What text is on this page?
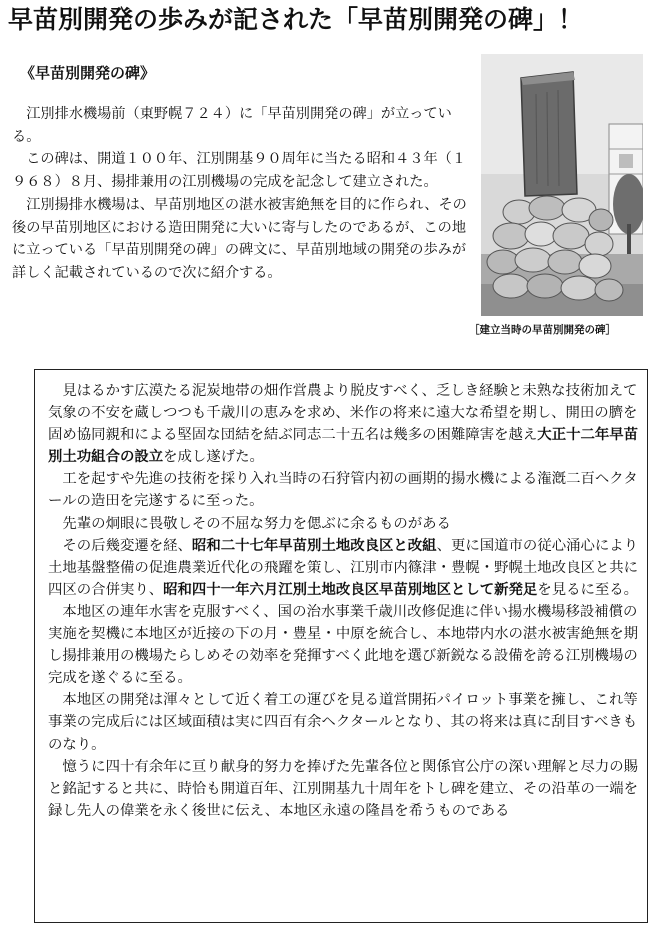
早苗別開発の歩みが記された「早苗別開発の碑」！
《早苗別開発の碑》

江別排水機場前（東野幌７２４）に「早苗別開発の碑」が立っている。

この碑は、開道１００年、江別開基９０周年に当たる昭和４３年（１９６８）８月、揚排兼用の江別機場の完成を記念して建立された。

江別揚排水機場は、早苗別地区の湛水被害絶無を目的に作られ、その後の早苗別地区における造田開発に大いに寄与したのであるが、この地に立っている「早苗別開発の碑」の碑文に、早苗別地域の開発の歩みが詳しく記載されているので次に紹介する。

［建立当時の早苗別開発の碑］

見はるかす広漠たる泥炭地帯の畑作営農より脱皮すべく、乏しき経験と未熟な技術加えて気象の不安を蔵しつつも千歳川の恵みを求め、米作の将来に遠大な希望を期し、開田の臍を固め協同親和による堅固な団結を結ぶ同志二十五名は幾多の困難障害を越え大正十二年早苗別土功組合の設立を成し遂げた。

工を起すや先進の技術を採り入れ当時の石狩管内初の画期的揚水機による潅漑二百ヘクタールの造田を完遂するに至った。

先輩の炯眼に畏敬しその不屈な努力を偲ぶに余るものがある

その后幾変遷を経、昭和二十七年早苗別土地改良区と改組、更に国道市の従心涌心により土地基盤整備の促進農業近代化の飛躍を策し、江別市内篠津・豊幌・野幌土地改良区と共に四区の合併実り、昭和四十一年六月江別土地改良区早苗別地区として新発足を見るに至る。

本地区の連年水害を克服すべく、国の治水事業千歳川改修促進に伴い揚水機場移設補償の実施を契機に本地区が近接の下の月・豊星・中原を統合し、本地帯内水の湛水被害絶無を期し揚排兼用の機場たらしめその効率を発揮すべく此地を選び新鋭なる設備を誇る江別機場の完成を遂ぐるに至る。

本地区の開発は渾々として近く着工の運びを見る道営開拓パイロット事業を擁し、これ等事業の完成后には区域面積は実に四百有余ヘクタールとなり、其の将来は真に刮目すべきものなり。

憶うに四十有余年に亘り献身的努力を捧げた先輩各位と関係官公庁の深い理解と尽力の賜と銘記すると共に、時恰も開道百年、江別開基九十周年をトし碑を建立、その沿革の一端を録し先人の偉業を永く後世に伝え、本地区永遠の隆昌を希うものである
